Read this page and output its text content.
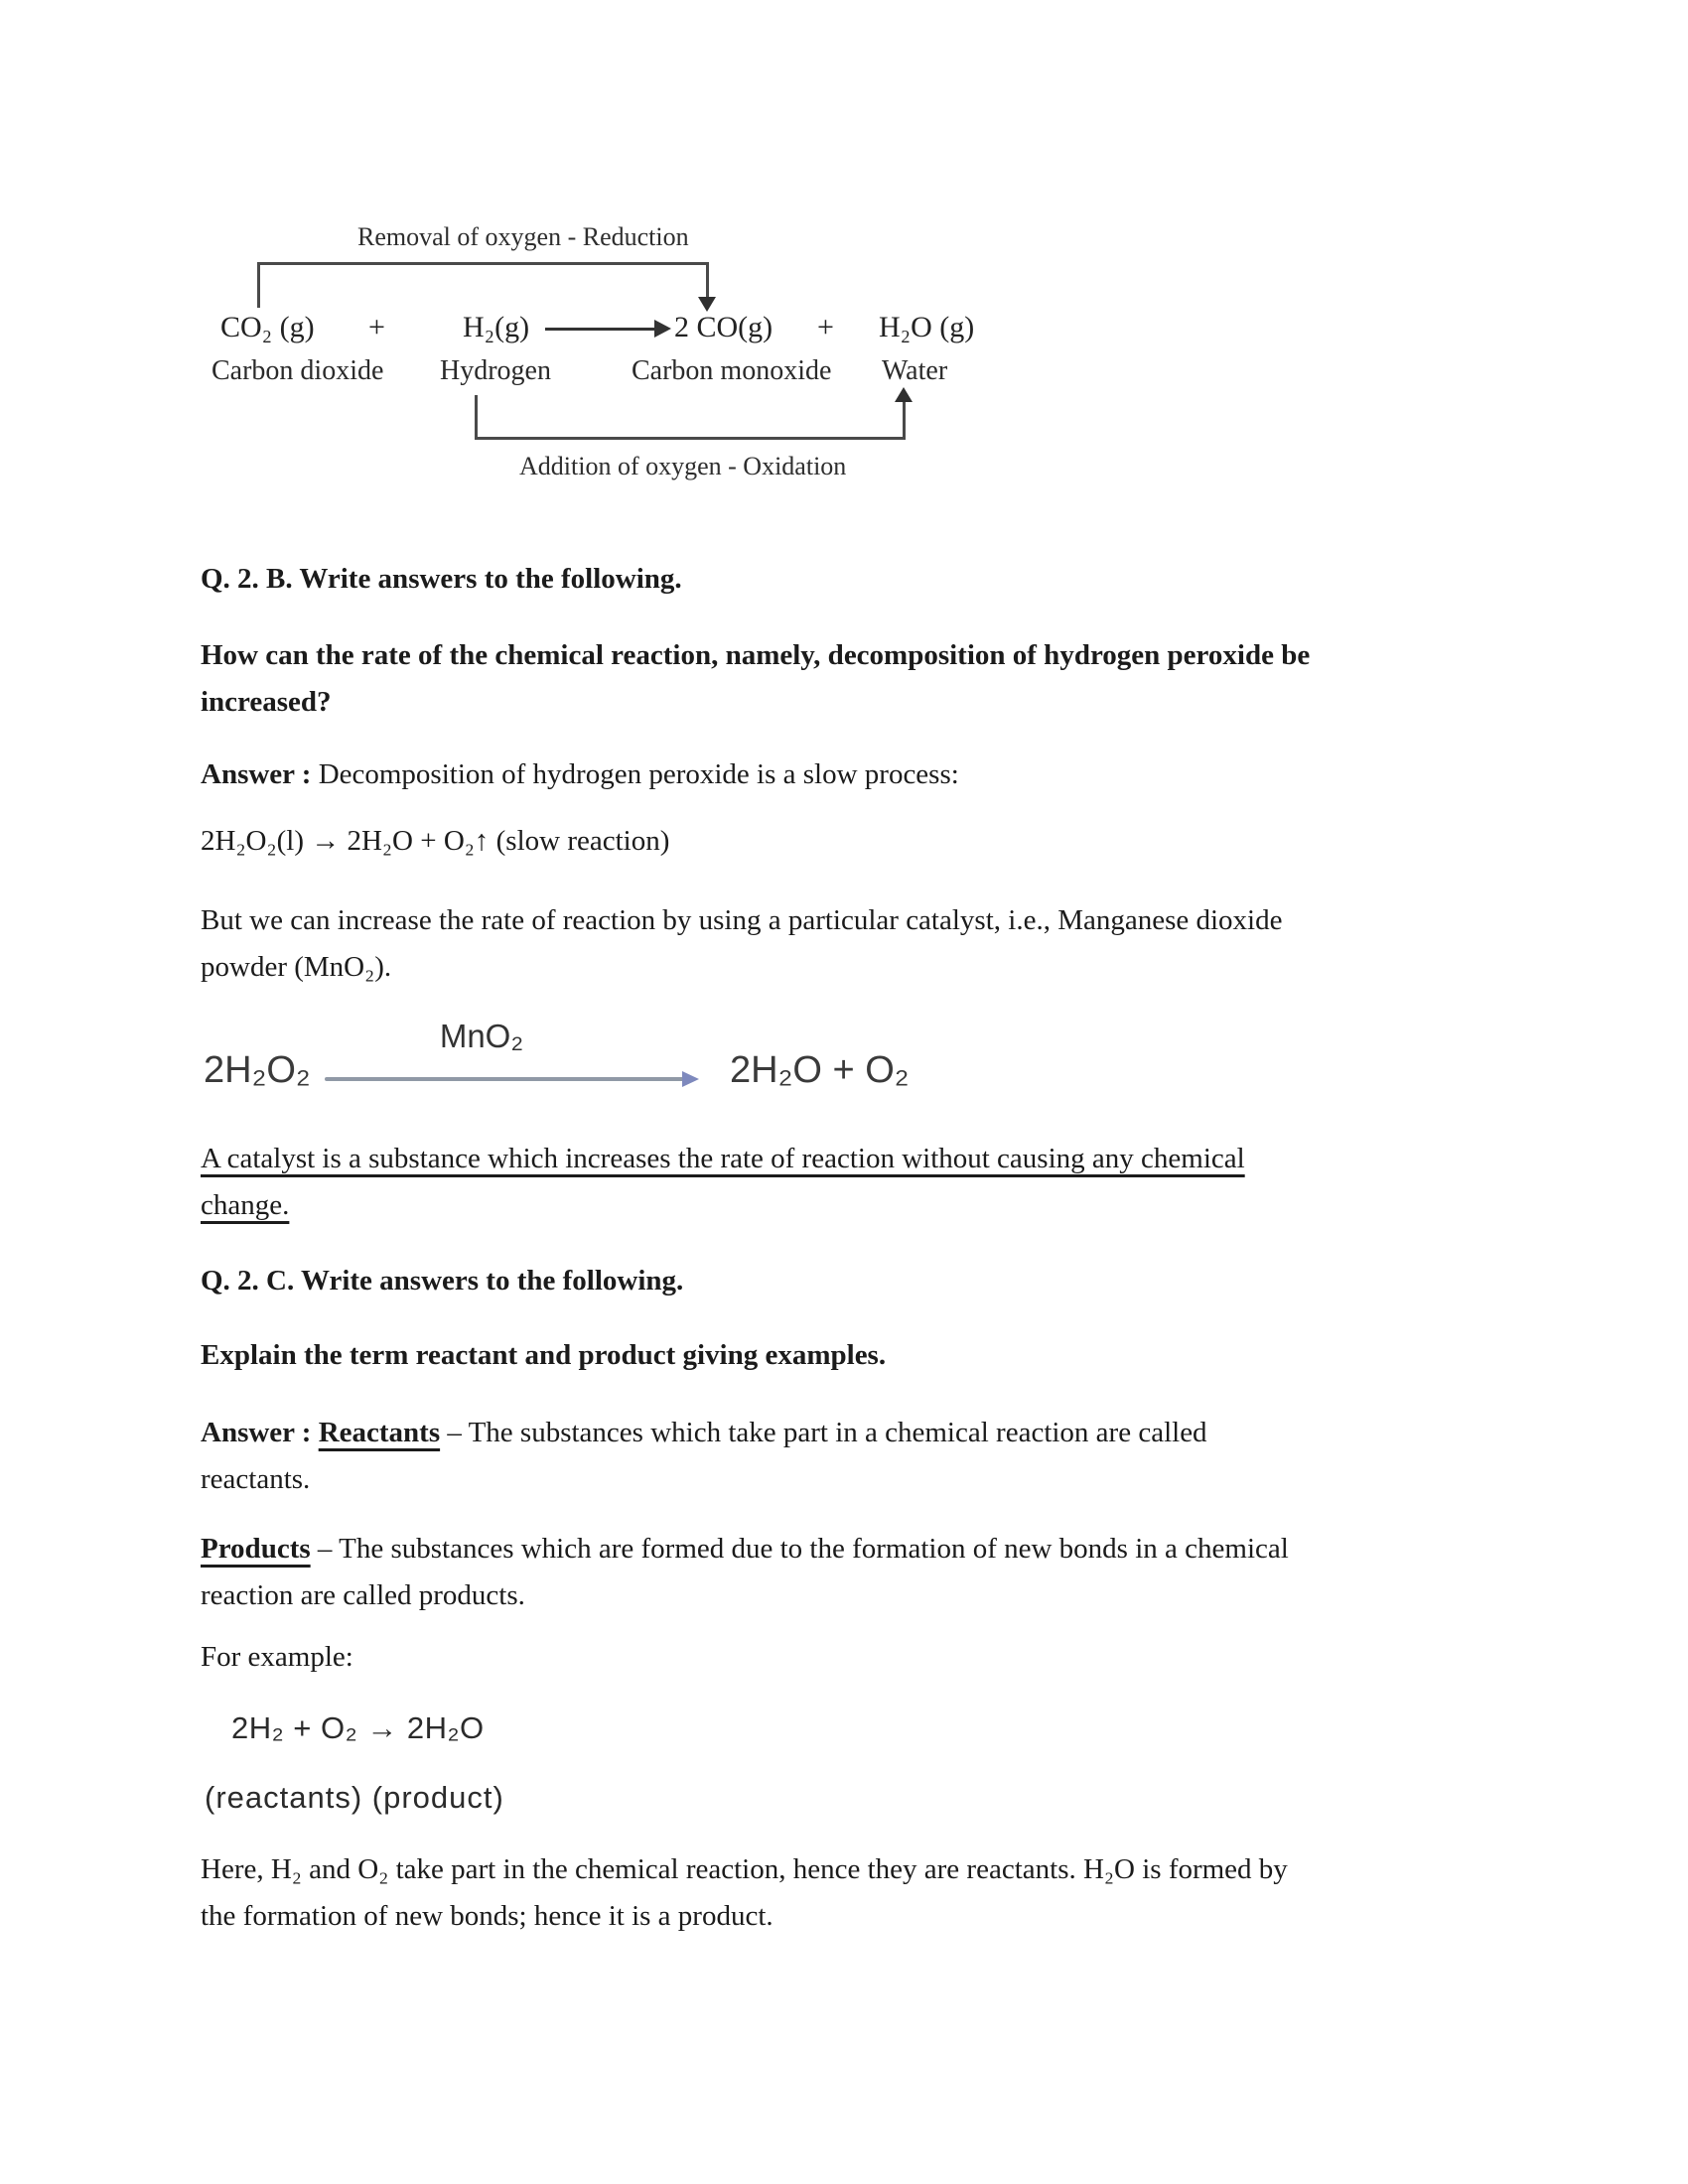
Removal of oxygen - Reduction
CO₂ (g) +	H₂(g)	2 CO(g) + H₂O (g)
Carbon dioxide Hydrogen	Carbon monoxide Water
Addition of oxygen - Oxidation
Q. 2. B. Write answers to the following.
How can the rate of the chemical reaction, namely, decomposition of hydrogen peroxide be
increased?
Answer : Decomposition of hydrogen peroxide is a slow process:
2H₂O₂(l) → 2H₂O + O₂↑ (slow reaction)
But we can increase the rate of reaction by using a particular catalyst, i.e., Manganese dioxide
powder (MnO₂).
2H₂O₂
MnO₂
2H₂O + O₂
A catalyst is a substance which increases the rate of reaction without causing any chemical
change.
Q. 2. C. Write answers to the following.
Explain the term reactant and product giving examples.
Answer : Reactants – The substances which take part in a chemical reaction are called
reactants.
Products – The substances which are formed due to the formation of new bonds in a chemical
reaction are called products.
For example:
2H₂ + O₂ → 2H₂O
(reactants) (product)
Here, H₂ and O₂ take part in the chemical reaction, hence they are reactants. H₂O is formed by
the formation of new bonds; hence it is a product.
